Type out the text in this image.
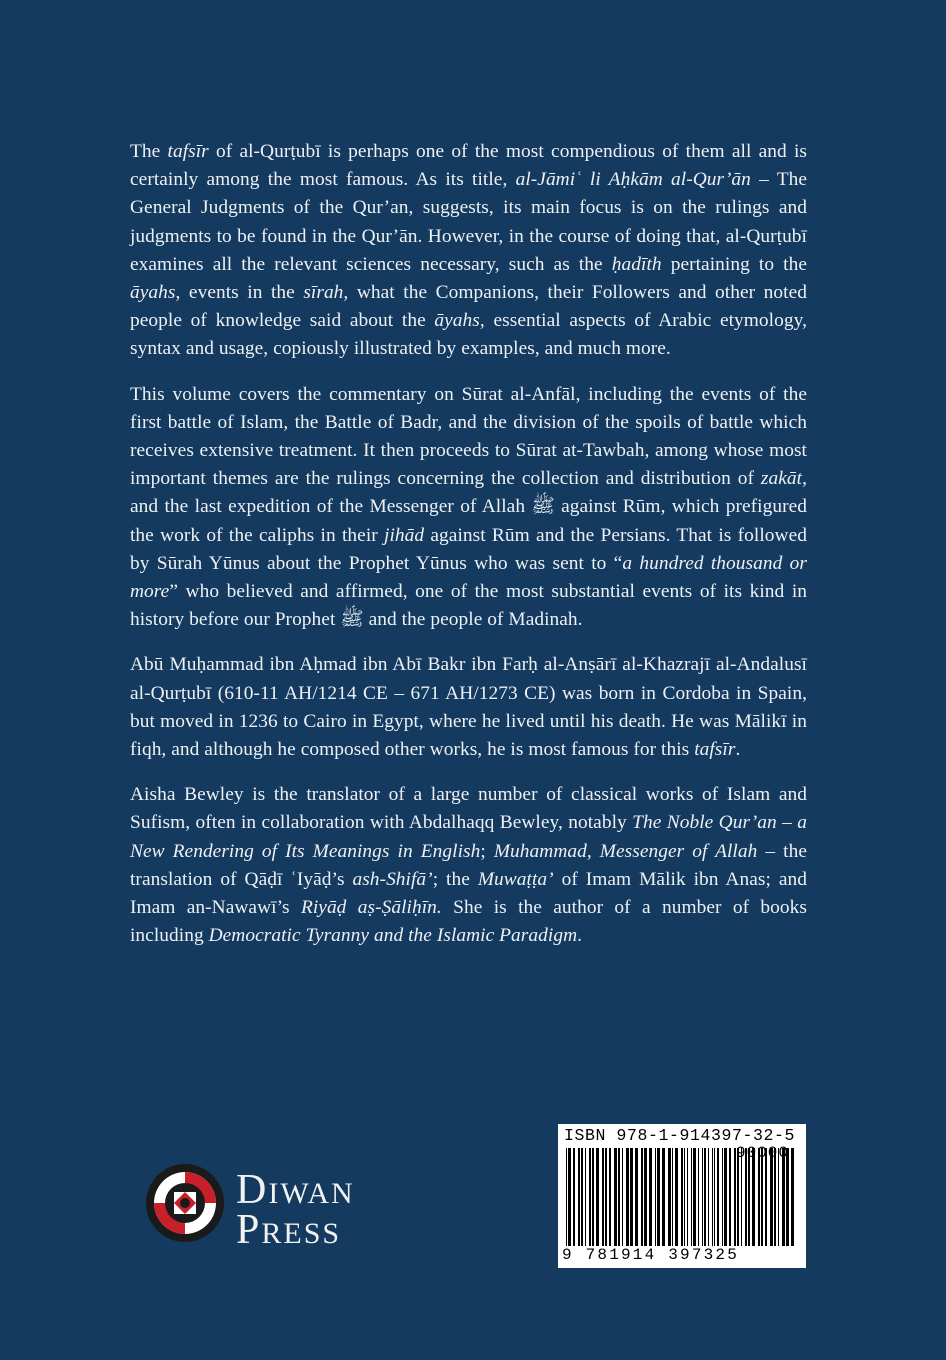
The tafsīr of al-Qurṭubī is perhaps one of the most compendious of them all and is certainly among the most famous. As its title, al-Jāmiʿ li Aḥkām al-Qur’ān – The General Judgments of the Qur’an, suggests, its main focus is on the rulings and judgments to be found in the Qur’ān. However, in the course of doing that, al-Qurṭubī examines all the relevant sciences necessary, such as the ḥadīth pertaining to the āyahs, events in the sīrah, what the Companions, their Followers and other noted people of knowledge said about the āyahs, essential aspects of Arabic etymology, syntax and usage, copiously illustrated by examples, and much more.

This volume covers the commentary on Sūrat al-Anfāl, including the events of the first battle of Islam, the Battle of Badr, and the division of the spoils of battle which receives extensive treatment. It then proceeds to Sūrat at-Tawbah, among whose most important themes are the rulings concerning the collection and distribution of zakāt, and the last expedition of the Messenger of Allah ﷺ against Rūm, which prefigured the work of the caliphs in their jihād against Rūm and the Persians. That is followed by Sūrah Yūnus about the Prophet Yūnus who was sent to “a hundred thousand or more” who believed and affirmed, one of the most substantial events of its kind in history before our Prophet ﷺ and the people of Madinah.

Abū Muḥammad ibn Aḥmad ibn Abī Bakr ibn Farḥ al-Anṣārī al-Khazrajī al-Andalusī al-Qurṭubī (610-11 AH/1214 CE – 671 AH/1273 CE) was born in Cordoba in Spain, but moved in 1236 to Cairo in Egypt, where he lived until his death. He was Mālikī in fiqh, and although he composed other works, he is most famous for this tafsīr.

Aisha Bewley is the translator of a large number of classical works of Islam and Sufism, often in collaboration with Abdalhaqq Bewley, notably The Noble Qur’an – a New Rendering of Its Meanings in English; Muhammad, Messenger of Allah – the translation of Qāḍī ʿIyāḍ’s ash-Shifā’; the Muwaṭṭa’ of Imam Mālik ibn Anas; and Imam an-Nawawī’s Riyāḍ aṣ-Ṣāliḥīn. She is the author of a number of books including Democratic Tyranny and the Islamic Paradigm.

DIWAN
PRESS
ISBN 978-1-914397-32-5
9 781914 397325
